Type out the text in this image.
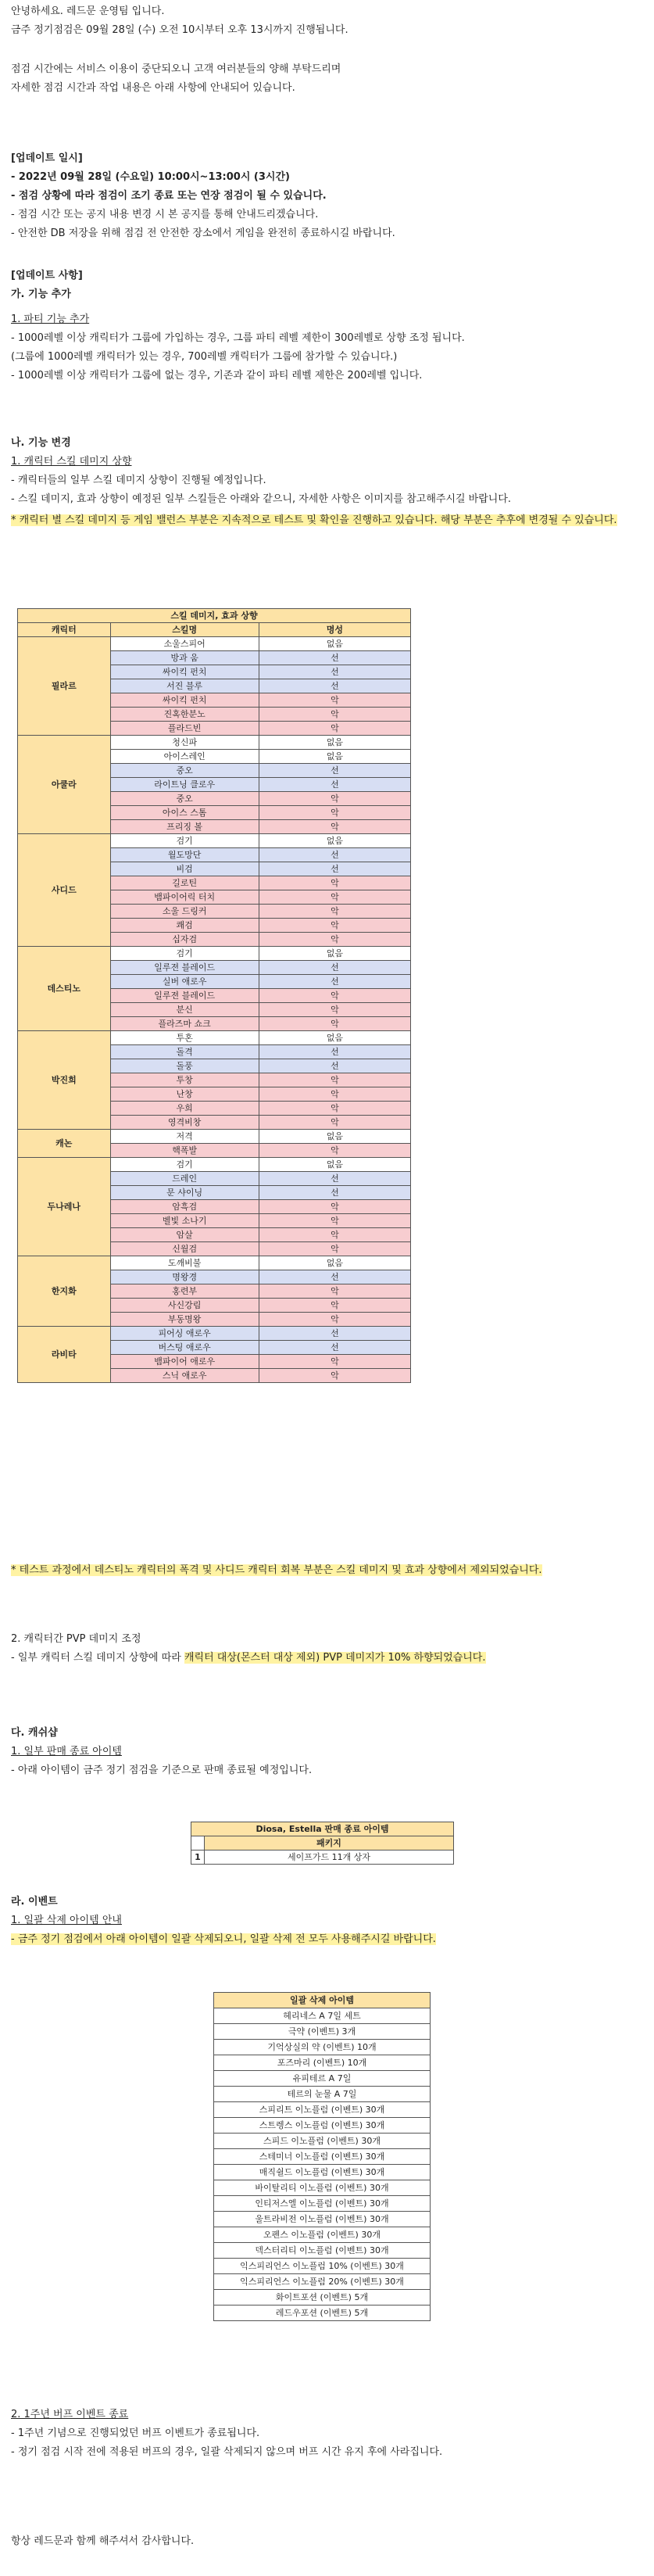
안녕하세요. 레드문 운영팀 입니다.
금주 정기점검은 09월 28일 (수) 오전 10시부터 오후 13시까지 진행됩니다.
점검 시간에는 서비스 이용이 중단되오니 고객 여러분들의 양해 부탁드리며
자세한 점검 시간과 작업 내용은 아래 사항에 안내되어 있습니다.
[업데이트 일시]
- 2022년 09월 28일 (수요일) 10:00시~13:00시 (3시간)
- 점검 상황에 따라 점검이 조기 종료 또는 연장 점검이 될 수 있습니다.
- 점검 시간 또는 공지 내용 변경 시 본 공지를 통해 안내드리겠습니다.
- 안전한 DB 저장을 위해 점검 전 안전한 장소에서 게임을 완전히 종료하시길 바랍니다.
[업데이트 사항]
가. 기능 추가
1. 파티 기능 추가
- 1000레벨 이상 캐릭터가 그룹에 가입하는 경우, 그룹 파티 레벨 제한이 300레벨로 상향 조정 됩니다.
(그룹에 1000레벨 캐릭터가 있는 경우, 700레벨 캐릭터가 그룹에 참가할 수 있습니다.)
- 1000레벨 이상 캐릭터가 그룹에 없는 경우, 기존과 같이 파티 레벨 제한은 200레벨 입니다.
나. 기능 변경
1. 캐릭터 스킬 데미지 상향
- 캐릭터들의 일부 스킬 데미지 상향이 진행될 예정입니다.
- 스킬 데미지, 효과 상향이 예정된 일부 스킬들은 아래와 같으니, 자세한 사항은 이미지를 참고해주시길 바랍니다.
* 캐릭터 별 스킬 데미지 등 게임 밸런스 부분은 지속적으로 테스트 및 확인을 진행하고 있습니다. 해당 부분은 추후에 변경될 수 있습니다.
스킬 데미지, 효과 상향		
캐릭터	스킬명	명성
필라르	소울스피어	없음
	방과 움	선
	싸이킥 펀치	선
	서진 블루	선
	싸이킥 펀치	악
	진혹한분노	악
	플라드빈	악
아쿨라	청신파	없음
	아이스레인	없음
	중오	선
	라이트닝 클로우	선
	중오	악
	아이스 스톰	악
	프리징 볼	악
사디드	검기	없음
	월도망단	선
	비검	선
	길로틴	악
	뱀파이어릭 터치	악
	소울 드링커	악
	쾌검	악
	십자검	악
데스티노	검기	없음
	일루젼 블레이드	선
	실버 애로우	선
	일루젼 블레이드	악
	분신	악
	플라즈마 쇼크	악
박진희	투혼	없음
	돌격	선
	돌풍	선
	투창	악
	난창	악
	우희	악
	영격비창	악
캐논	저격	없음
	핵폭발	악
두나레나	검기	없음
	드레인	선
	문 샤이닝	선
	암흑검	악
	벨빛 소나기	악
	암살	악
	신월검	악
한지화	도깨비불	없음
	명왕경	선
	홍련부	악
	사신강림	악
	부동명왕	악
라비타	피어싱 애로우	선
	버스팅 애로우	선
	뱀파이어 애로우	악
	스닉 애로우	악
* 테스트 과정에서 데스티노 캐릭터의 폭격 및 사디드 캐릭터 회복 부분은 스킬 데미지 및 효과 상향에서 제외되었습니다.
2. 캐릭터간 PVP 데미지 조정
- 일부 캐릭터 스킬 데미지 상향에 따라 캐릭터 대상(몬스터 대상 제외) PVP 데미지가 10% 하향되었습니다.
다. 캐쉬샵
1. 일부 판매 종료 아이템
- 아래 아이템이 금주 정기 점검을 기준으로 판매 종료될 예정입니다.
Diosa, Estella 판매 종료 아이템	
	패키지
1	세이프가드 11개 상자
라. 이벤트
1. 일괄 삭제 아이템 안내
- 금주 정기 점검에서 아래 아이템이 일괄 삭제되오니, 일괄 삭제 전 모두 사용해주시길 바랍니다.
일괄 삭제 아이템
헤리네스 A 7일 세트
극약 (이벤트) 3개
기억상실의 약 (이벤트) 10개
포즈마리 (이벤트) 10개
유피테르 A 7일
테르의 눈물 A 7일
스피리트 이노플럼 (이벤트) 30개
스트렝스 이노플럼 (이벤트) 30개
스피드 이노플럼 (이벤트) 30개
스테미너 이노플럼 (이벤트) 30개
매직쉴드 이노플럼 (이벤트) 30개
바이탈리티 이노플럼 (이벤트) 30개
인티저스엘 이노플럼 (이벤트) 30개
울트라비전 이노플럼 (이벤트) 30개
오펜스 이노플럼 (이벤트) 30개
덱스터리티 이노플럼 (이벤트) 30개
익스피리언스 이노플럼 10% (이벤트) 30개
익스피리언스 이노플럼 20% (이벤트) 30개
화이트포션 (이벤트) 5개
레드우포션 (이벤트) 5개
2. 1주년 버프 이벤트 종료
- 1주년 기념으로 진행되었던 버프 이벤트가 종료됩니다.
- 정기 점검 시작 전에 적용된 버프의 경우, 일괄 삭제되지 않으며 버프 시간 유지 후에 사라집니다.
항상 레드문과 함께 해주셔서 감사합니다.
